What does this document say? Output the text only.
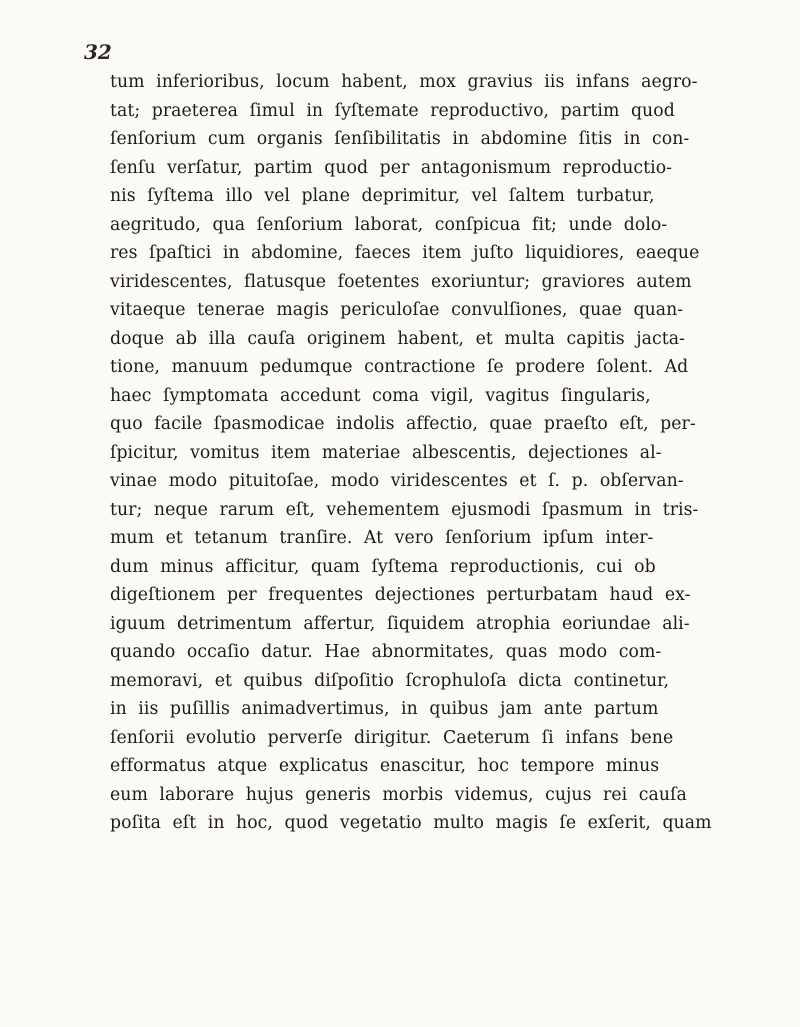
32
tum inferioribus, locum habent, mox gravius iis infans aegro-
tat; praeterea ſimul in ſyſtemate reproductivo, partim quod
ſenſorium cum organis ſenſibilitatis in abdomine ſitis in con-
ſenſu verſatur, partim quod per antagonismum reproductio-
nis ſyſtema illo vel plane deprimitur, vel ſaltem turbatur,
aegritudo, qua ſenſorium laborat, conſpicua fit; unde dolo-
res ſpaſtici in abdomine, faeces item juſto liquidiores, eaeque
viridescentes, flatusque foetentes exoriuntur; graviores autem
vitaeque tenerae magis periculoſae convulſiones, quae quan-
doque ab illa cauſa originem habent, et multa capitis jacta-
tione, manuum pedumque contractione ſe prodere ſolent. Ad
haec ſymptomata accedunt coma vigil, vagitus ſingularis,
quo facile ſpasmodicae indolis affectio, quae praeſto eſt, per-
ſpicitur, vomitus item materiae albescentis, dejectiones al-
vinae modo pituitoſae, modo viridescentes et ſ. p. obſervan-
tur; neque rarum eſt, vehementem ejusmodi ſpasmum in tris-
mum et tetanum tranſire. At vero ſenſorium ipſum inter-
dum minus afficitur, quam ſyſtema reproductionis, cui ob
digeſtionem per frequentes dejectiones perturbatam haud ex-
iguum detrimentum affertur, ſiquidem atrophia eoriundae ali-
quando occaſio datur. Hae abnormitates, quas modo com-
memoravi, et quibus diſpoſitio ſcrophuloſa dicta continetur,
in iis puſillis animadvertimus, in quibus jam ante partum
ſenſorii evolutio perverſe dirigitur. Caeterum ſi infans bene
efformatus atque explicatus enascitur, hoc tempore minus
eum laborare hujus generis morbis videmus, cujus rei cauſa
poſita eſt in hoc, quod vegetatio multo magis ſe exſerit, quam
